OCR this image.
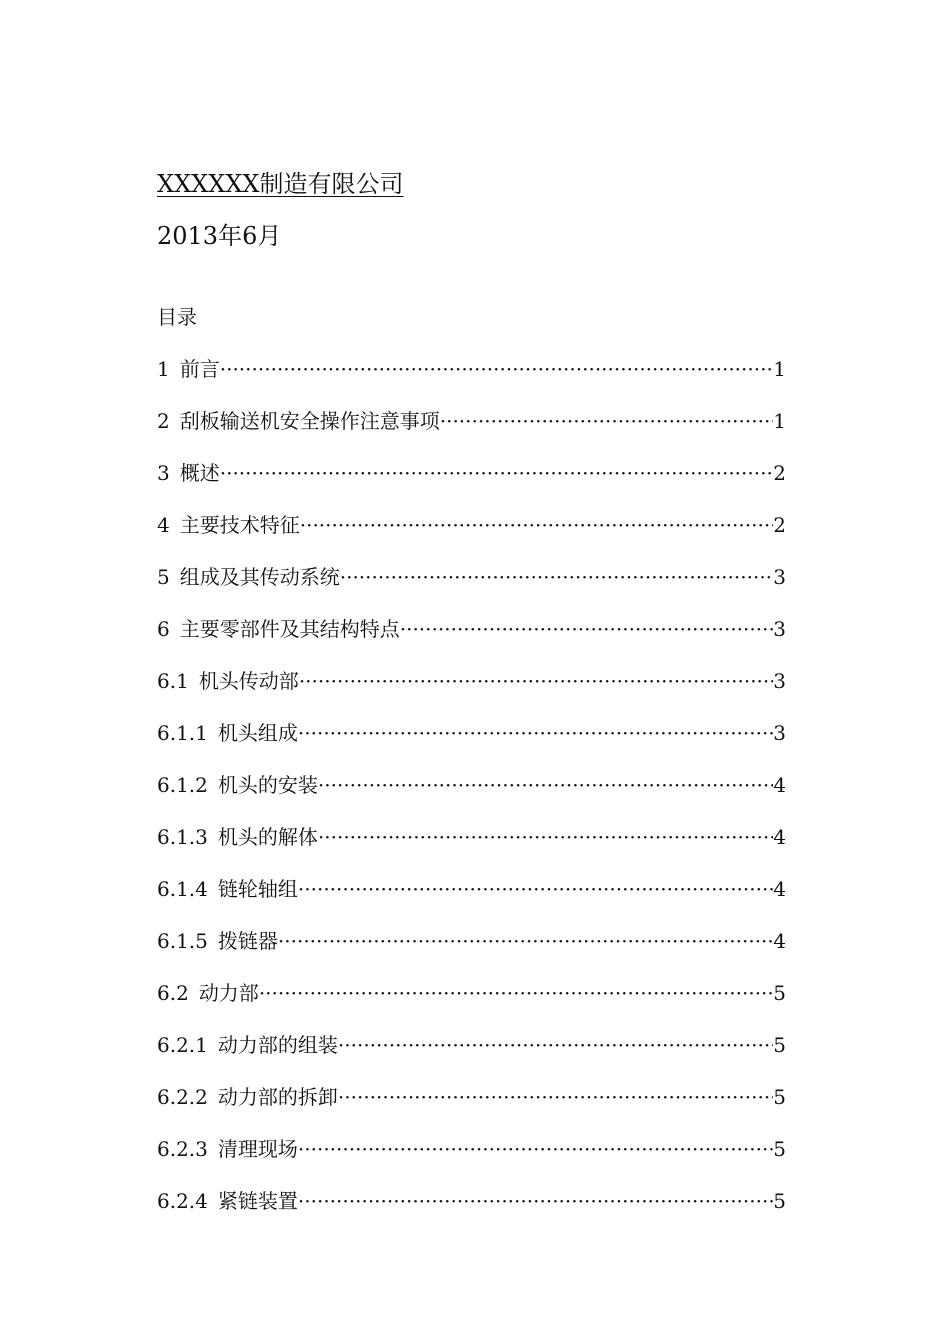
XXXXXX制造有限公司
2013年6月
目录
1 前言 ·····	1
2 刮板输送机安全操作注意事项 ·····	1
3 概述 ·····	2
4 主要技术特征 ·····	2
5 组成及其传动系统 ·····	3
6 主要零部件及其结构特点 ·····	3
6.1 机头传动部 ·····	3
6.1.1 机头组成 ·····	3
6.1.2 机头的安装 ·····	4
6.1.3 机头的解体 ·····	4
6.1.4 链轮轴组 ·····	4
6.1.5 拨链器 ·····	4
6.2 动力部 ·····	5
6.2.1 动力部的组装 ·····	5
6.2.2 动力部的拆卸 ·····	5
6.2.3 清理现场 ·····	5
6.2.4 紧链装置 ·····	5
